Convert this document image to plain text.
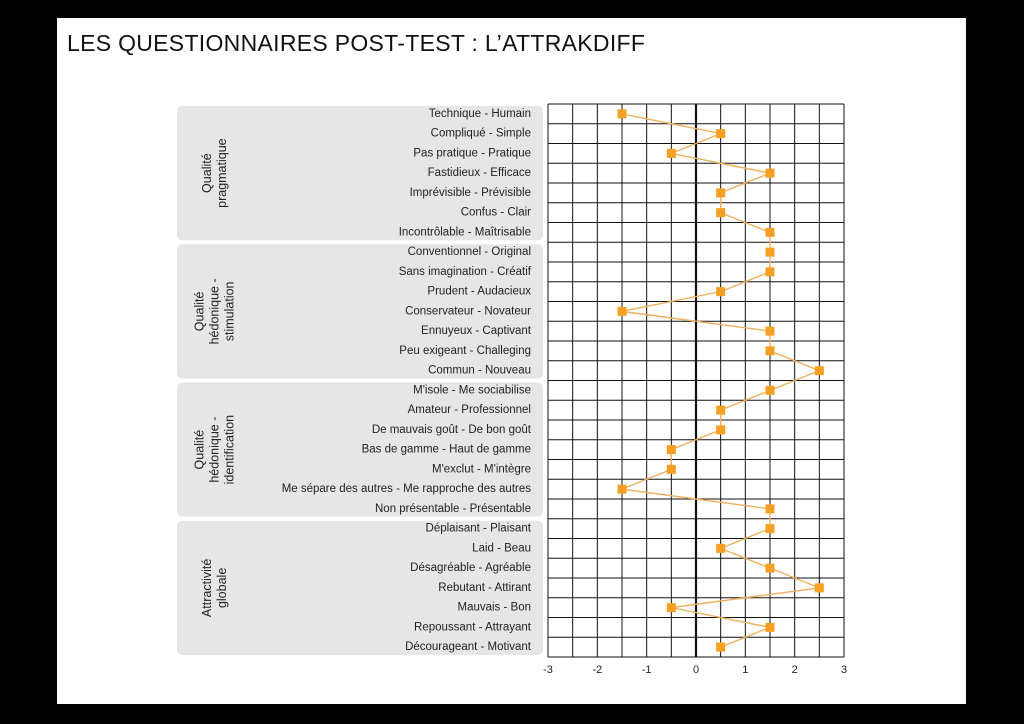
LES QUESTIONNAIRES POST-TEST : L’ATTRAKDIFF
Qualité pragmatique
Qualité hédonique - stimulation
Qualité hédonique - identification
Attractivité globale
Technique - Humain
Compliqué - Simple
Pas pratique - Pratique
Fastidieux - Efficace
Imprévisible - Prévisible
Confus - Clair
Incontrôlable - Maîtrisable
Conventionnel - Original
Sans imagination - Créatif
Prudent - Audacieux
Conservateur - Novateur
Ennuyeux - Captivant
Peu exigeant - Challeging
Commun - Nouveau
M'isole - Me sociabilise
Amateur - Professionnel
De mauvais goût - De bon goût
Bas de gamme - Haut de gamme
M'exclut - M'intègre
Me sépare des autres - Me rapproche des autres
Non présentable - Présentable
Déplaisant - Plaisant
Laid - Beau
Désagréable - Agréable
Rebutant - Attirant
Mauvais - Bon
Repoussant - Attrayant
Décourageant - Motivant
-3	-2	-1	0	1	2	3
